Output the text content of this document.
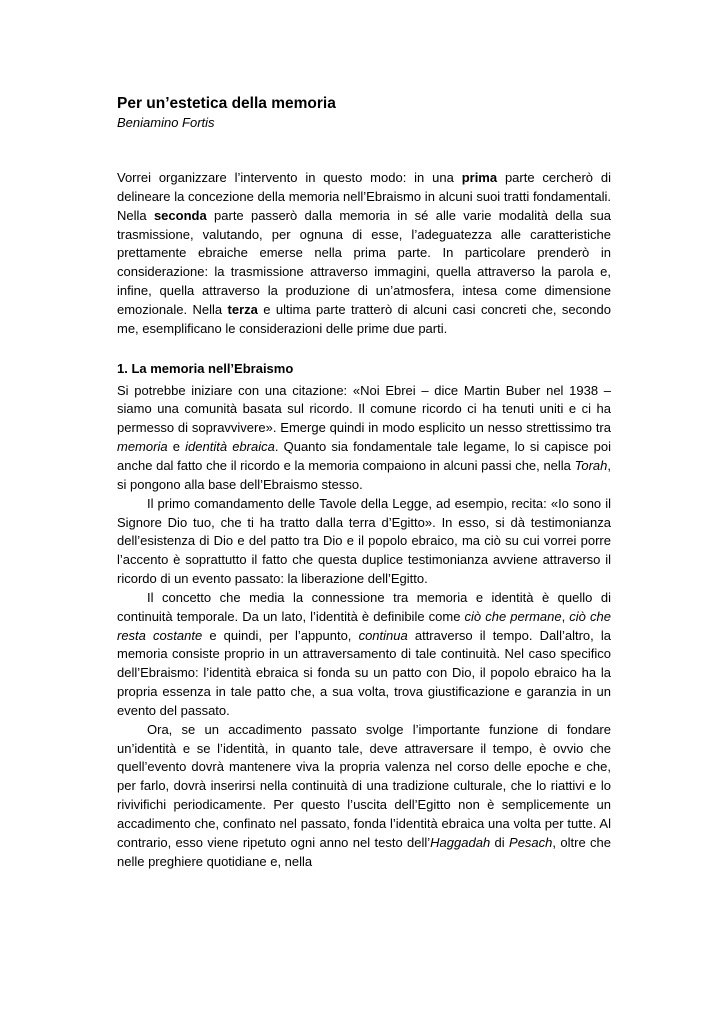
Per un’estetica della memoria

Beniamino Fortis

Vorrei organizzare l’intervento in questo modo: in una prima parte cercherò di delineare la concezione della memoria nell’Ebraismo in alcuni suoi tratti fondamentali. Nella seconda parte passerò dalla memoria in sé alle varie modalità della sua trasmissione, valutando, per ognuna di esse, l’adeguatezza alle caratteristiche prettamente ebraiche emerse nella prima parte. In particolare prenderò in considerazione: la trasmissione attraverso immagini, quella attraverso la parola e, infine, quella attraverso la produzione di un’atmosfera, intesa come dimensione emozionale. Nella terza e ultima parte tratterò di alcuni casi concreti che, secondo me, esemplificano le considerazioni delle prime due parti.

1. La memoria nell’Ebraismo

Si potrebbe iniziare con una citazione: «Noi Ebrei – dice Martin Buber nel 1938 – siamo una comunità basata sul ricordo. Il comune ricordo ci ha tenuti uniti e ci ha permesso di sopravvivere». Emerge quindi in modo esplicito un nesso strettissimo tra memoria e identità ebraica. Quanto sia fondamentale tale legame, lo si capisce poi anche dal fatto che il ricordo e la memoria compaiono in alcuni passi che, nella Torah, si pongono alla base dell’Ebraismo stesso.

Il primo comandamento delle Tavole della Legge, ad esempio, recita: «Io sono il Signore Dio tuo, che ti ha tratto dalla terra d’Egitto». In esso, si dà testimonianza dell’esistenza di Dio e del patto tra Dio e il popolo ebraico, ma ciò su cui vorrei porre l’accento è soprattutto il fatto che questa duplice testimonianza avviene attraverso il ricordo di un evento passato: la liberazione dell’Egitto.

Il concetto che media la connessione tra memoria e identità è quello di continuità temporale. Da un lato, l’identità è definibile come ciò che permane, ciò che resta costante e quindi, per l’appunto, continua attraverso il tempo. Dall’altro, la memoria consiste proprio in un attraversamento di tale continuità. Nel caso specifico dell’Ebraismo: l’identità ebraica si fonda su un patto con Dio, il popolo ebraico ha la propria essenza in tale patto che, a sua volta, trova giustificazione e garanzia in un evento del passato.

Ora, se un accadimento passato svolge l’importante funzione di fondare un’identità e se l’identità, in quanto tale, deve attraversare il tempo, è ovvio che quell’evento dovrà mantenere viva la propria valenza nel corso delle epoche e che, per farlo, dovrà inserirsi nella continuità di una tradizione culturale, che lo riattivi e lo rivivifichi periodicamente. Per questo l’uscita dell’Egitto non è semplicemente un accadimento che, confinato nel passato, fonda l’identità ebraica una volta per tutte. Al contrario, esso viene ripetuto ogni anno nel testo dell’Haggadah di Pesach, oltre che nelle preghiere quotidiane e, nella
